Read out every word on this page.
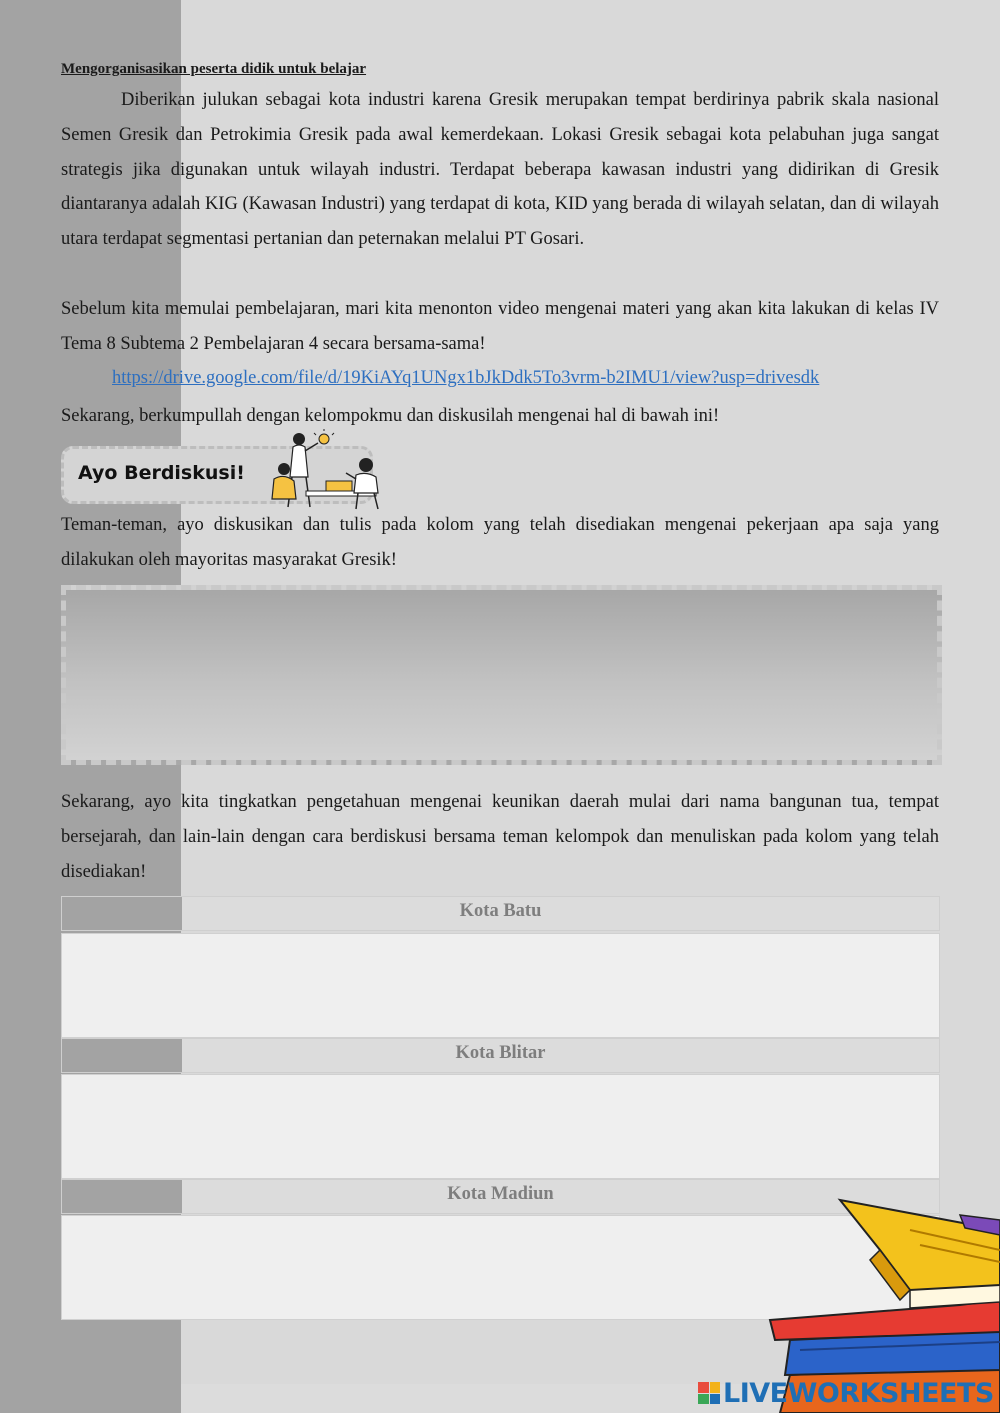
Mengorganisasikan peserta didik untuk belajar
Diberikan julukan sebagai kota industri karena Gresik merupakan tempat berdirinya pabrik skala nasional Semen Gresik dan Petrokimia Gresik pada awal kemerdekaan. Lokasi Gresik sebagai kota pelabuhan juga sangat strategis jika digunakan untuk wilayah industri. Terdapat beberapa kawasan industri yang didirikan di Gresik diantaranya adalah KIG (Kawasan Industri) yang terdapat di kota, KID yang berada di wilayah selatan, dan di wilayah utara terdapat segmentasi pertanian dan peternakan melalui PT Gosari.
Sebelum kita memulai pembelajaran, mari kita menonton video mengenai materi yang akan kita lakukan di kelas IV Tema 8 Subtema 2 Pembelajaran 4 secara bersama-sama!
https://drive.google.com/file/d/19KiAYq1UNgx1bJkDdk5To3vrm-b2IMU1/view?usp=drivesdk
Sekarang, berkumpullah dengan kelompokmu dan diskusilah mengenai hal di bawah ini!
Teman-teman, ayo diskusikan dan tulis pada kolom yang telah disediakan mengenai pekerjaan apa saja yang dilakukan oleh mayoritas masyarakat Gresik!
Sekarang, ayo kita tingkatkan pengetahuan mengenai keunikan daerah mulai dari nama bangunan tua, tempat bersejarah, dan lain-lain dengan cara berdiskusi bersama teman kelompok dan menuliskan pada kolom yang telah disediakan!
Ayo Berdiskusi!
Kota Batu
Kota Blitar
Kota Madiun
LIVEWORKSHEETS
